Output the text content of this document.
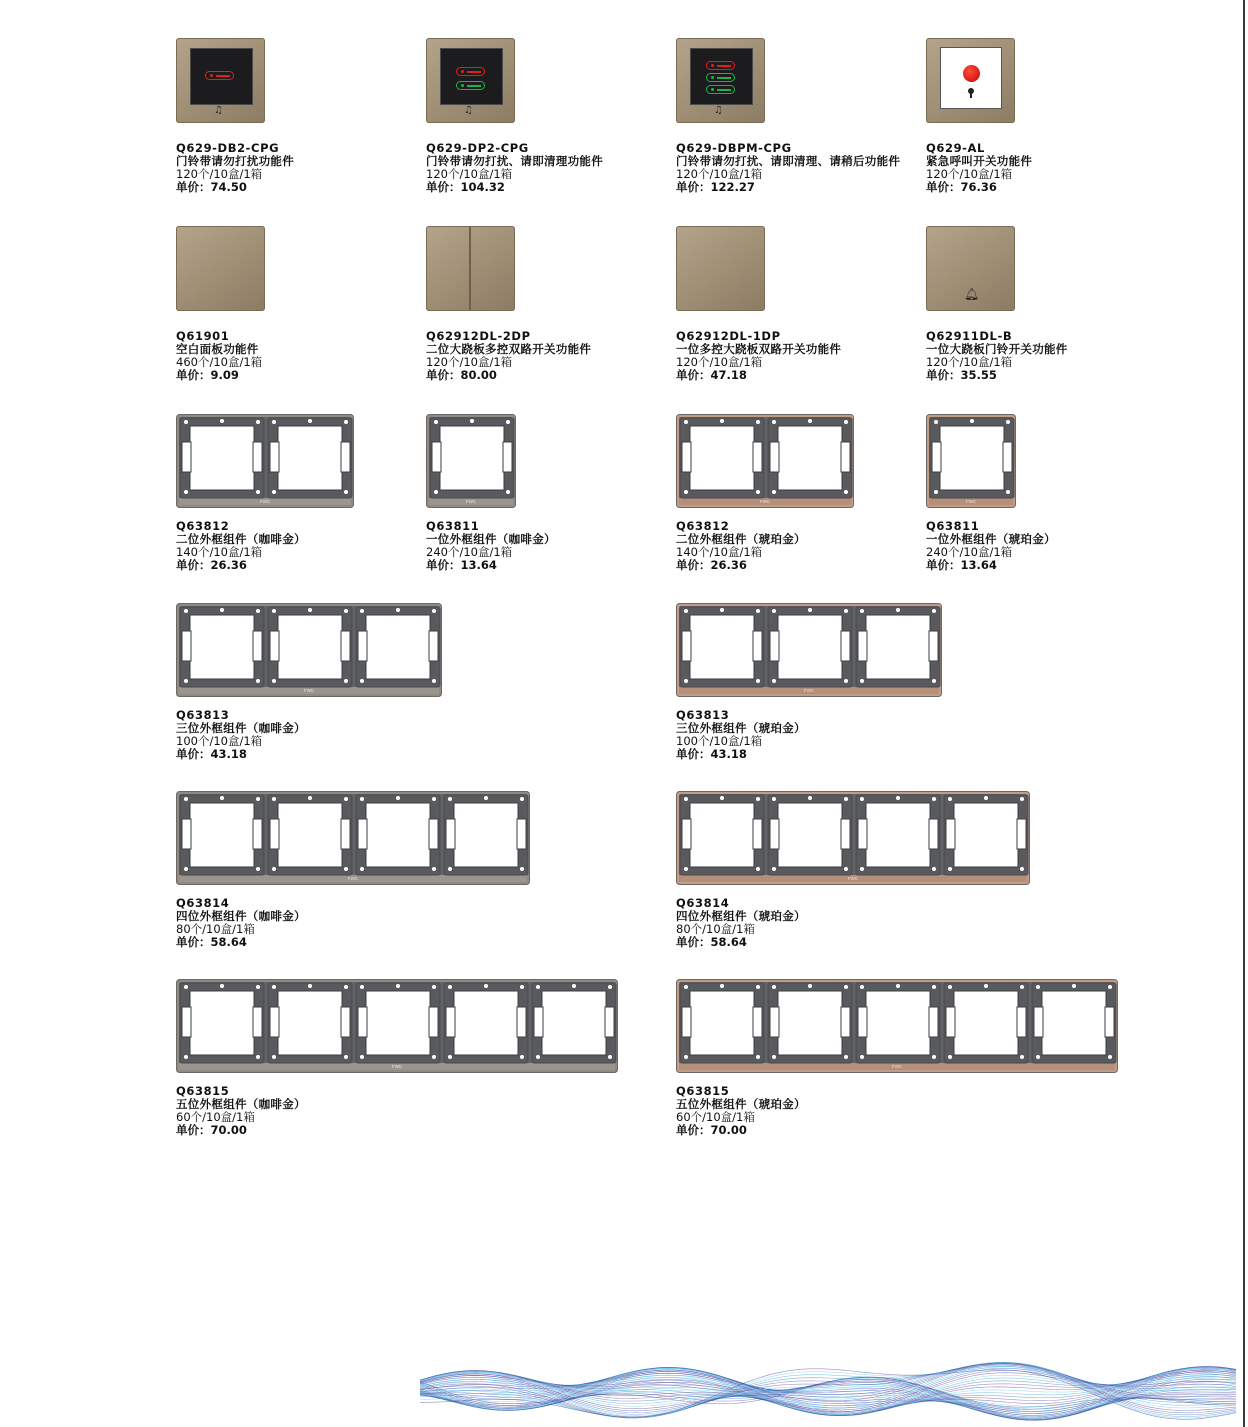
♫
Q629-DB2-CPG
门铃带请勿打扰功能件
120个/10盒/1箱
单价：74.50
♫
Q629-DP2-CPG
门铃带请勿打扰、请即清理功能件
120个/10盒/1箱
单价：104.32
♫
Q629-DBPM-CPG
门铃带请勿打扰、请即清理、请稍后功能件
120个/10盒/1箱
单价：122.27
Q629-AL
紧急呼叫开关功能件
120个/10盒/1箱
单价：76.36
Q61901
空白面板功能件
460个/10盒/1箱
单价：9.09
Q62912DL-2DP
二位大跷板多控双路开关功能件
120个/10盒/1箱
单价：80.00
Q62912DL-1DP
一位多控大跷板双路开关功能件
120个/10盒/1箱
单价：47.18
🔔︎
Q62911DL-B
一位大跷板门铃开关功能件
120个/10盒/1箱
单价：35.55
FWC
Q63812
二位外框组件（咖啡金）
140个/10盒/1箱
单价：26.36
FWC
Q63811
一位外框组件（咖啡金）
240个/10盒/1箱
单价：13.64
FWC
Q63812
二位外框组件（琥珀金）
140个/10盒/1箱
单价：26.36
FWC
Q63811
一位外框组件（琥珀金）
240个/10盒/1箱
单价：13.64
FWC
Q63813
三位外框组件（咖啡金）
100个/10盒/1箱
单价：43.18
FWC
Q63813
三位外框组件（琥珀金）
100个/10盒/1箱
单价：43.18
FWC
Q63814
四位外框组件（咖啡金）
80个/10盒/1箱
单价：58.64
FWC
Q63814
四位外框组件（琥珀金）
80个/10盒/1箱
单价：58.64
FWC
Q63815
五位外框组件（咖啡金）
60个/10盒/1箱
单价：70.00
FWC
Q63815
五位外框组件（琥珀金）
60个/10盒/1箱
单价：70.00
